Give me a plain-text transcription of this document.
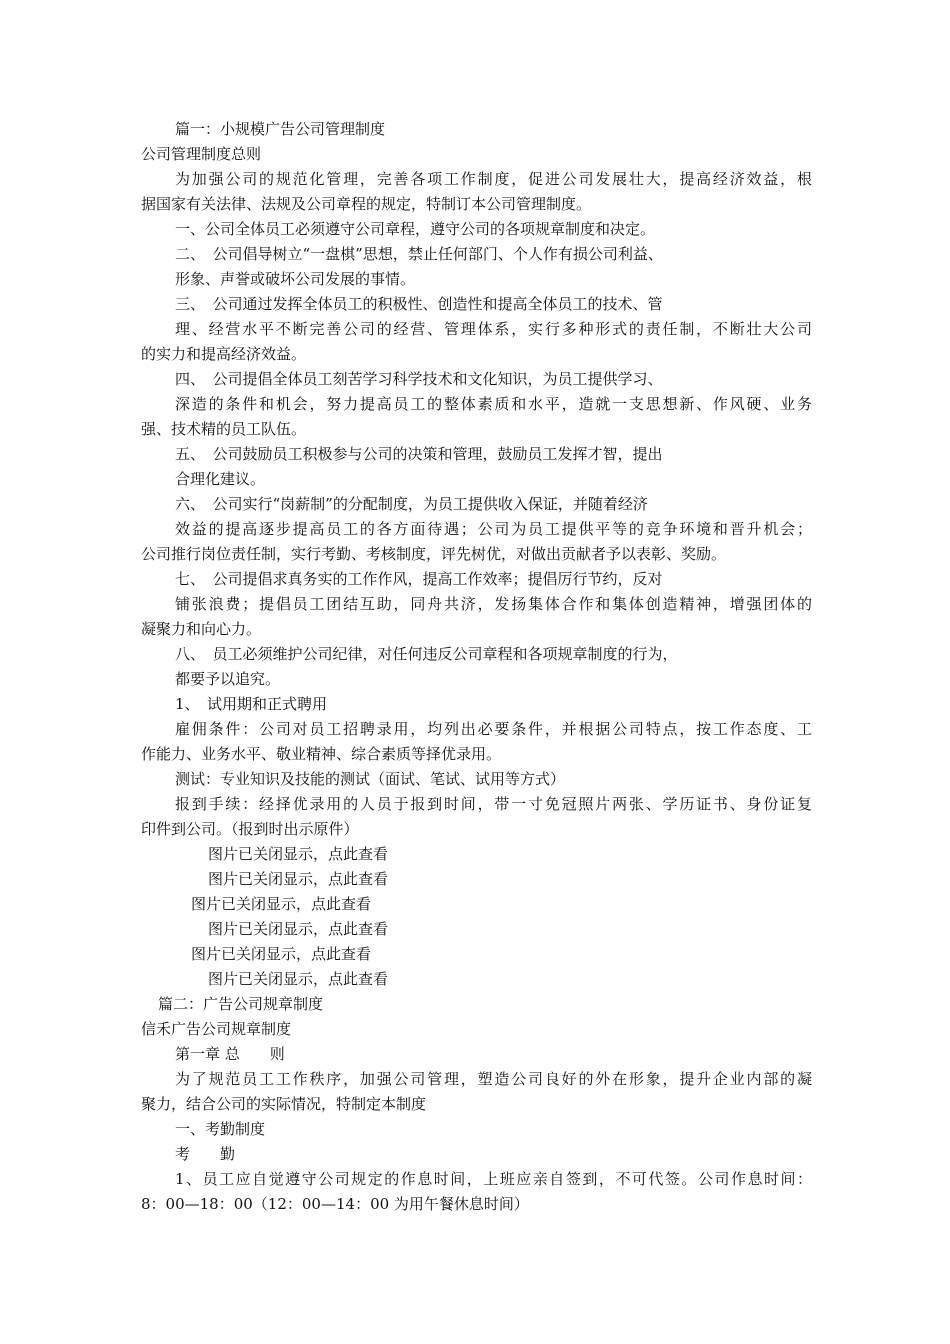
篇一：小规模广告公司管理制度
公司管理制度总则
为加强公司的规范化管理，完善各项工作制度，促进公司发展壮大，提高经济效益，根
据国家有关法律、法规及公司章程的规定，特制订本公司管理制度。
一、公司全体员工必须遵守公司章程，遵守公司的各项规章制度和决定。
二、　公司倡导树立“一盘棋”思想，禁止任何部门、个人作有损公司利益、
形象、声誉或破坏公司发展的事情。
三、　公司通过发挥全体员工的积极性、创造性和提高全体员工的技术、管
理、经营水平不断完善公司的经营、管理体系，实行多种形式的责任制，不断壮大公司
的实力和提高经济效益。
四、　公司提倡全体员工刻苦学习科学技术和文化知识，为员工提供学习、
深造的条件和机会，努力提高员工的整体素质和水平，造就一支思想新、作风硬、业务
强、技术精的员工队伍。
五、　公司鼓励员工积极参与公司的决策和管理，鼓励员工发挥才智，提出
合理化建议。
六、　公司实行“岗薪制”的分配制度，为员工提供收入保证，并随着经济
效益的提高逐步提高员工的各方面待遇；公司为员工提供平等的竞争环境和晋升机会；
公司推行岗位责任制，实行考勤、考核制度，评先树优，对做出贡献者予以表彰、奖励。
七、　公司提倡求真务实的工作作风，提高工作效率；提倡厉行节约，反对
铺张浪费；提倡员工团结互助，同舟共济，发扬集体合作和集体创造精神，增强团体的
凝聚力和向心力。
八、　员工必须维护公司纪律，对任何违反公司章程和各项规章制度的行为，
都要予以追究。
1、　试用期和正式聘用
雇佣条件：公司对员工招聘录用，均列出必要条件，并根据公司特点，按工作态度、工
作能力、业务水平、敬业精神、综合素质等择优录用。
测试：专业知识及技能的测试（面试、笔试、试用等方式）
报到手续：经择优录用的人员于报到时间，带一寸免冠照片两张、学历证书、身份证复
印件到公司。（报到时出示原件）
图片已关闭显示，点此查看
图片已关闭显示，点此查看
图片已关闭显示，点此查看
图片已关闭显示，点此查看
图片已关闭显示，点此查看
图片已关闭显示，点此查看
篇二：广告公司规章制度
信禾广告公司规章制度
第一章 总　　则
为了规范员工工作秩序，加强公司管理，塑造公司良好的外在形象，提升企业内部的凝
聚力，结合公司的实际情况，特制定本制度
一、考勤制度
考　　勤
1、员工应自觉遵守公司规定的作息时间，上班应亲自签到，不可代签。公司作息时间：
8：00—18：00（12：00—14：00 为用午餐休息时间）
